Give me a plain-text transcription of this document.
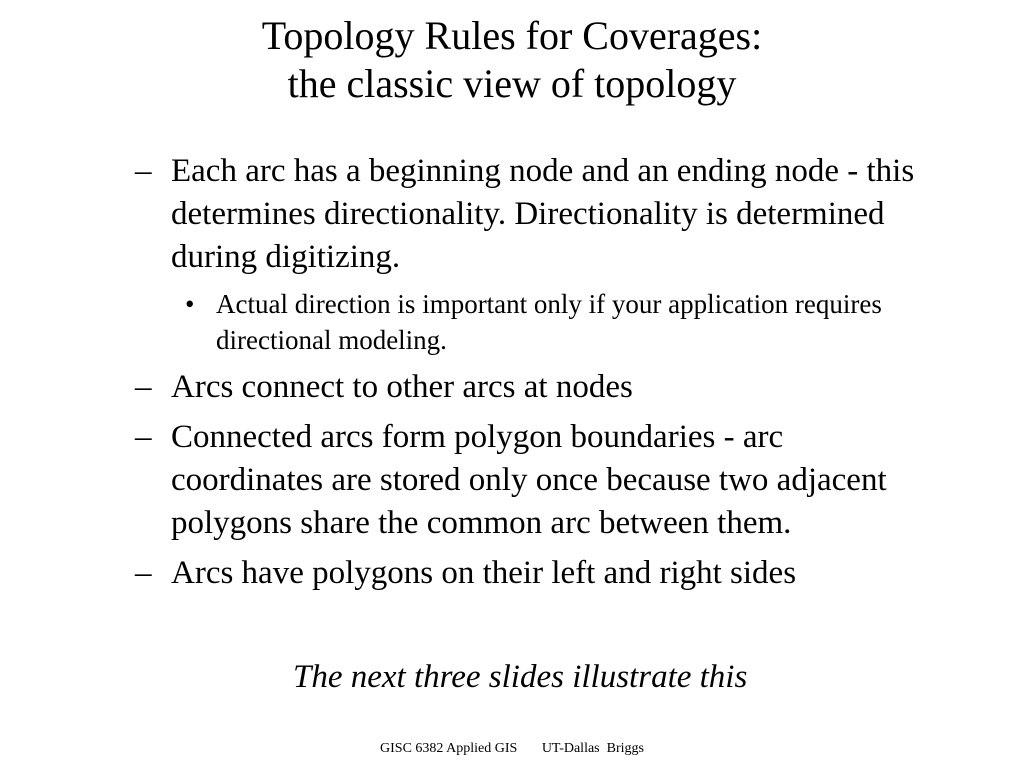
Topology Rules for Coverages:
the classic view of topology
– Each arc has a beginning node and an ending node - this determines directionality. Directionality is determined during digitizing.
• Actual direction is important only if your application requires directional modeling.
– Arcs connect to other arcs at nodes
– Connected arcs form polygon boundaries - arc coordinates are stored only once because two adjacent polygons share the common arc between them.
– Arcs have polygons on their left and right sides
The next three slides illustrate this
GISC 6382 Applied GIS       UT-Dallas  Briggs
